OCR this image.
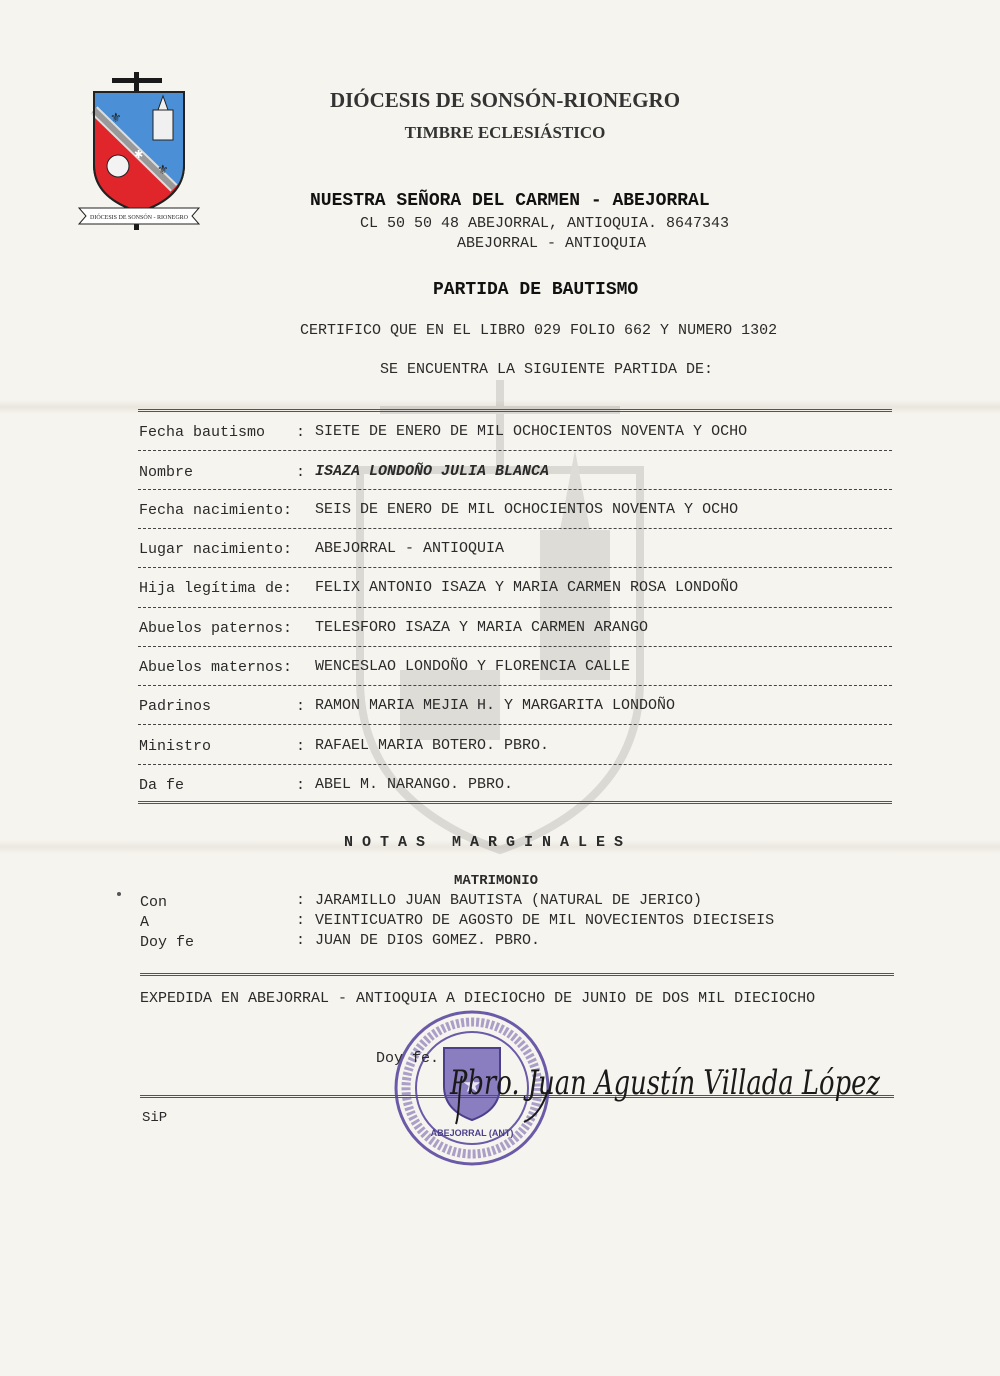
⚜
⚜
✱
DIÓCESIS DE SONSÓN - RIONEGRO
DIÓCESIS DE SONSÓN-RIONEGRO
TIMBRE ECLESIÁSTICO
NUESTRA SEÑORA DEL CARMEN - ABEJORRAL
CL 50 50 48 ABEJORRAL, ANTIOQUIA. 8647343
ABEJORRAL - ANTIOQUIA
PARTIDA DE BAUTISMO
CERTIFICO QUE EN EL LIBRO 029 FOLIO 662 Y NUMERO 1302
SE ENCUENTRA LA SIGUIENTE PARTIDA DE:
Fecha bautismo : SIETE DE ENERO DE MIL OCHOCIENTOS NOVENTA Y OCHO
Nombre	: ISAZA LONDOÑO JULIA BLANCA
Fecha nacimiento: SEIS DE ENERO DE MIL OCHOCIENTOS NOVENTA Y OCHO
Lugar nacimiento: ABEJORRAL - ANTIOQUIA
Hija legítima de: FELIX ANTONIO ISAZA Y MARIA CARMEN ROSA LONDOÑO
Abuelos paternos: TELESFORO ISAZA Y MARIA CARMEN ARANGO
Abuelos maternos: WENCESLAO LONDOÑO Y FLORENCIA CALLE
Padrinos	: RAMON MARIA MEJIA H. Y MARGARITA LONDOÑO
Ministro	: RAFAEL MARIA BOTERO. PBRO.
Da fe	: ABEL M. NARANGO. PBRO.
NOTAS MARGINALES
MATRIMONIO
Con	: JARAMILLO JUAN BAUTISTA (NATURAL DE JERICO)
A	: VEINTICUATRO DE AGOSTO DE MIL NOVECIENTOS DIECISEIS
Doy fe	: JUAN DE DIOS GOMEZ. PBRO.
EXPEDIDA EN ABEJORRAL - ANTIOQUIA A DIECIOCHO DE JUNIO DE DOS MIL DIECIOCHO
★
ABEJORRAL (ANT)
Doy fe.
Pbro. Juan Agustín Villada López
SiP
